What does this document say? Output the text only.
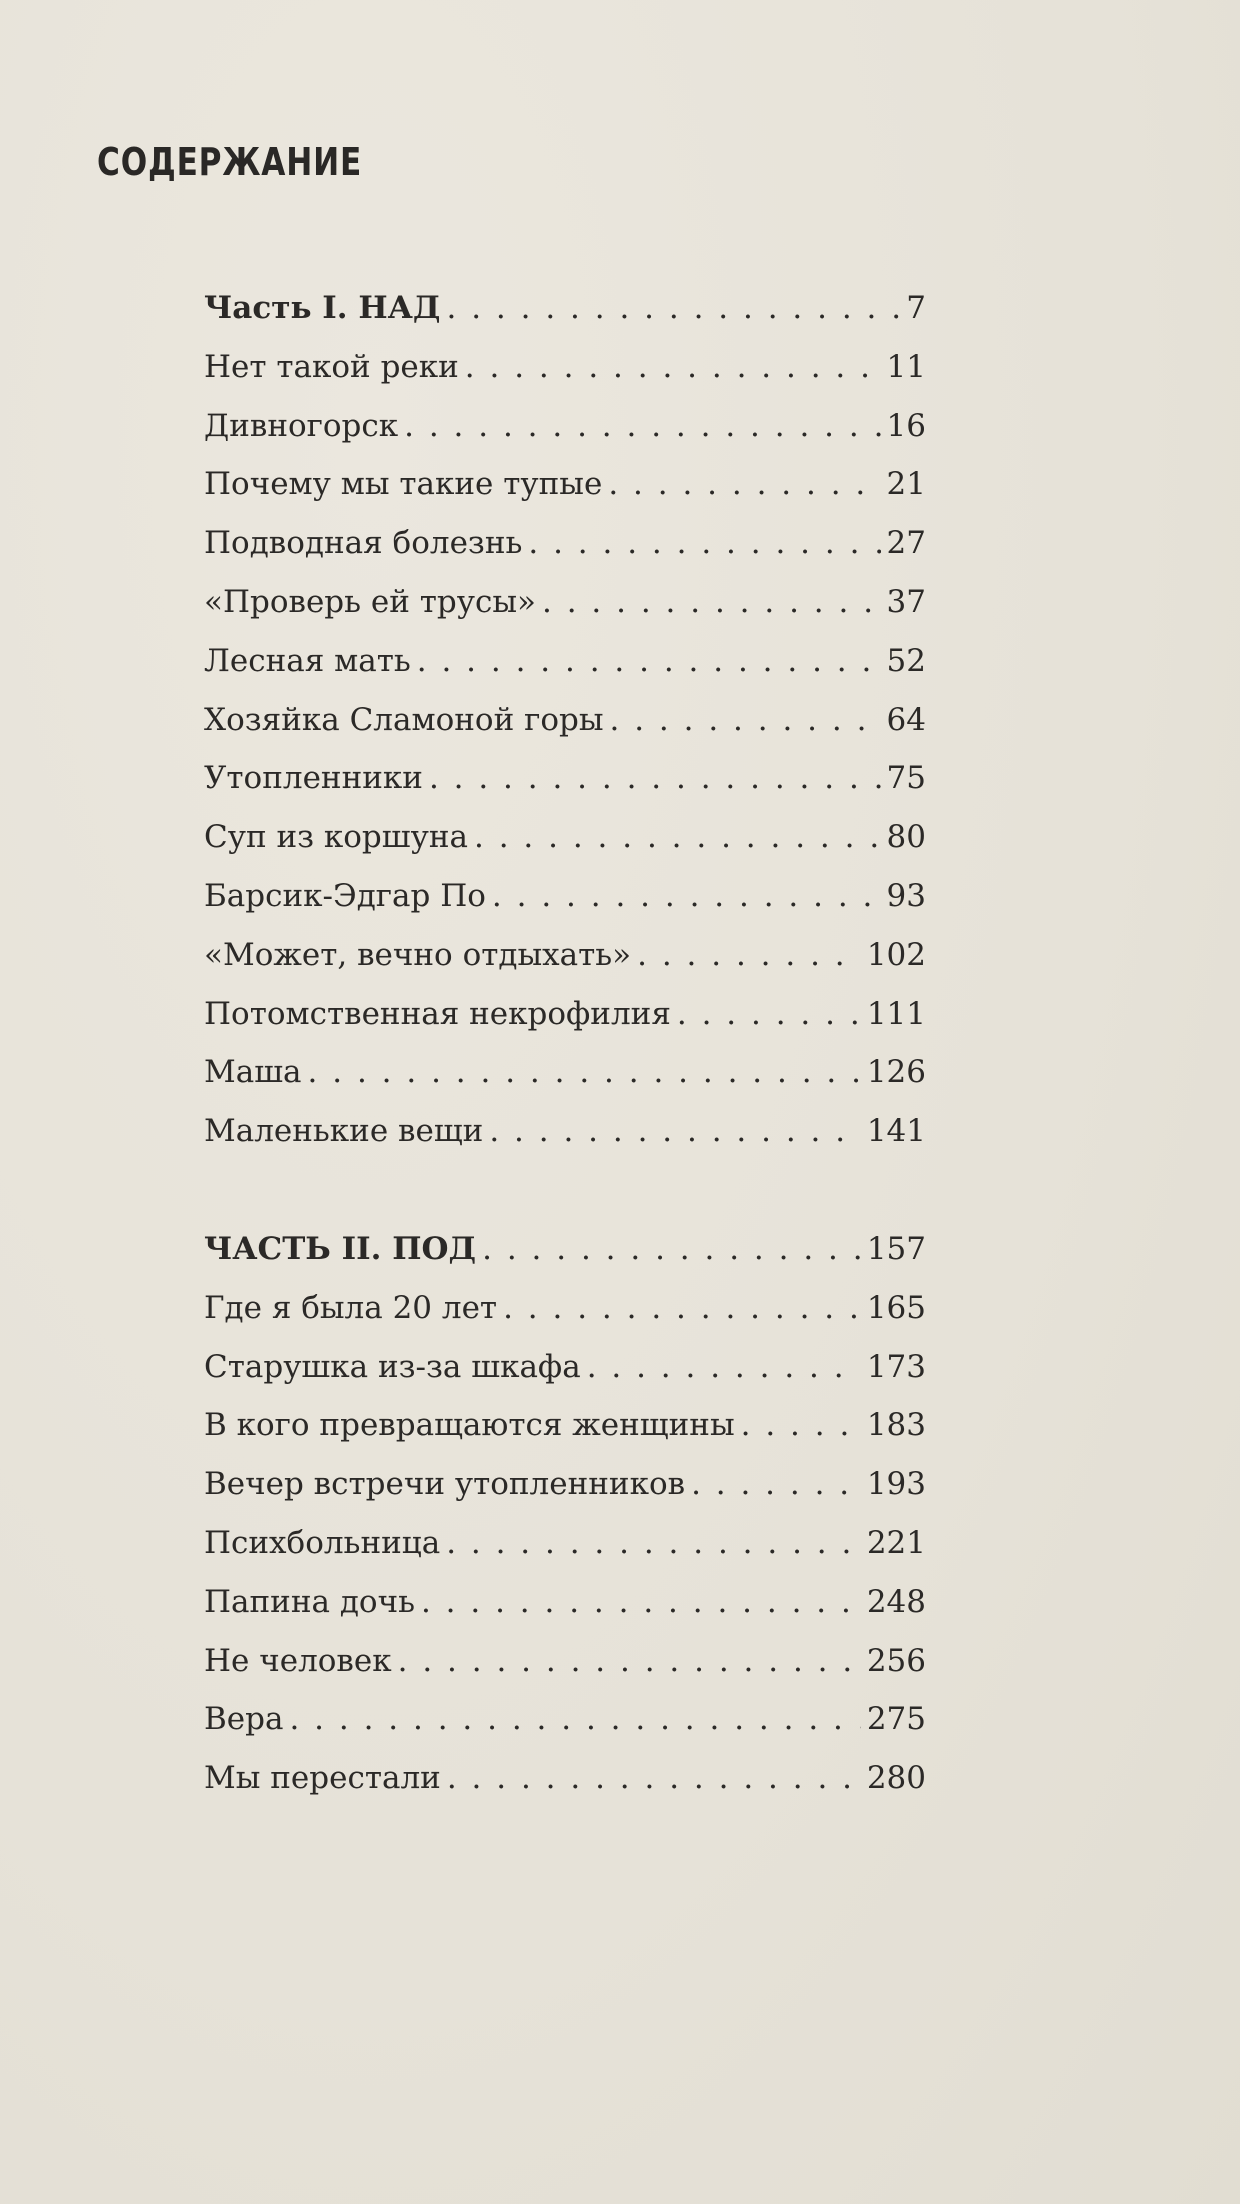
СОДЕРЖАНИЕ
Часть I. НАД . . .	7
Нет такой реки . . .	11
Дивногорск . . .	16
Почему мы такие тупые . . .	21
Подводная болезнь . . .	27
«Проверь ей трусы» . . .	37
Лесная мать . . .	52
Хозяйка Сламоной горы . . .	64
Утопленники . . .	75
Суп из коршуна . . .	80
Барсик-Эдгар По . . .	93
«Может, вечно отдыхать» . . .	102
Потомственная некрофилия . . .	111
Маша . . .	126
Маленькие вещи . . .	141
ЧАСТЬ II. ПОД . . .	157
Где я была 20 лет . . .	165
Старушка из-за шкафа . . .	173
В кого превращаются женщины . . .	183
Вечер встречи утопленников . . .	193
Психбольница . . .	221
Папина дочь . . .	248
Не человек . . .	256
Вера . . .	275
Мы перестали . . .	280
